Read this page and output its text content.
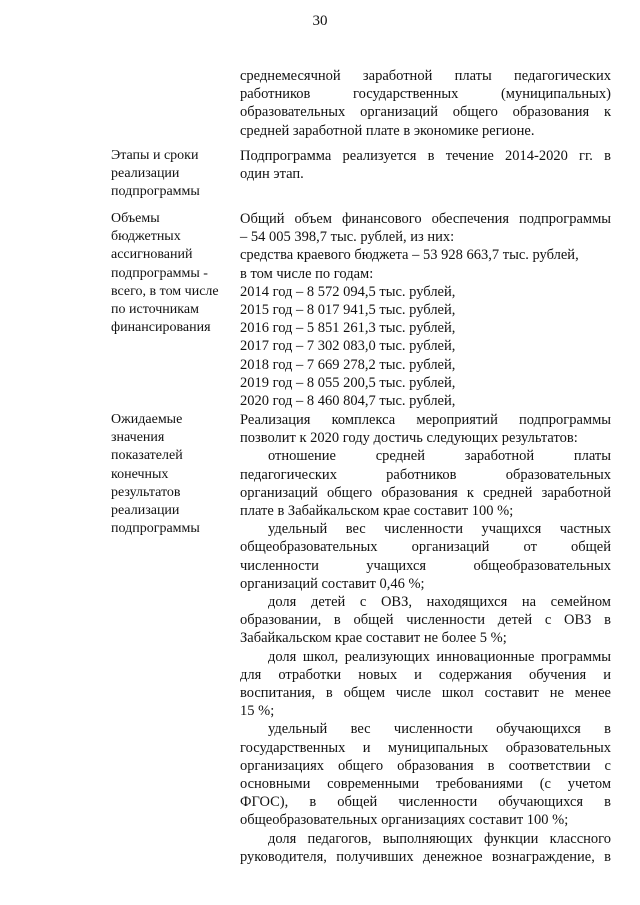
30
среднемесячной заработной платы педагогических
работников государственных (муниципальных)
образовательных организаций общего образования к
средней заработной плате в экономике регионе.
Этапы и сроки
реализации
подпрограммы
Подпрограмма реализуется в течение 2014-2020 гг. в
один этап.
Объемы
бюджетных
ассигнований
подпрограммы -
всего, в том числе
по источникам
финансирования
Общий объем финансового обеспечения подпрограммы
– 54 005 398,7 тыс. рублей, из них:
средства краевого бюджета – 53 928 663,7 тыс. рублей,
в том числе по годам:
2014 год – 8 572 094,5 тыс. рублей,
2015 год – 8 017 941,5 тыс. рублей,
2016 год – 5 851 261,3 тыс. рублей,
2017 год – 7 302 083,0 тыс. рублей,
2018 год – 7 669 278,2 тыс. рублей,
2019 год – 8 055 200,5 тыс. рублей,
2020 год – 8 460 804,7 тыс. рублей,
Ожидаемые
значения
показателей
конечных
результатов
реализации
подпрограммы
Реализация комплекса мероприятий подпрограммы
позволит к 2020 году достичь следующих результатов:
отношение средней заработной платы
педагогических работников образовательных
организаций общего образования к средней заработной
плате в Забайкальском крае составит 100 %;
удельный вес численности учащихся частных
общеобразовательных организаций от общей
численности учащихся общеобразовательных
организаций составит 0,46 %;
доля детей с ОВЗ, находящихся на семейном
образовании, в общей численности детей с ОВЗ в
Забайкальском крае составит не более 5 %;
доля школ, реализующих инновационные программы
для отработки новых и содержания обучения и
воспитания, в общем числе школ составит не менее
15 %;
удельный вес численности обучающихся в
государственных и муниципальных образовательных
организациях общего образования в соответствии с
основными современными требованиями (с учетом
ФГОС), в общей численности обучающихся в
общеобразовательных организациях составит 100 %;
доля педагогов, выполняющих функции классного
руководителя, получивших денежное вознаграждение, в
